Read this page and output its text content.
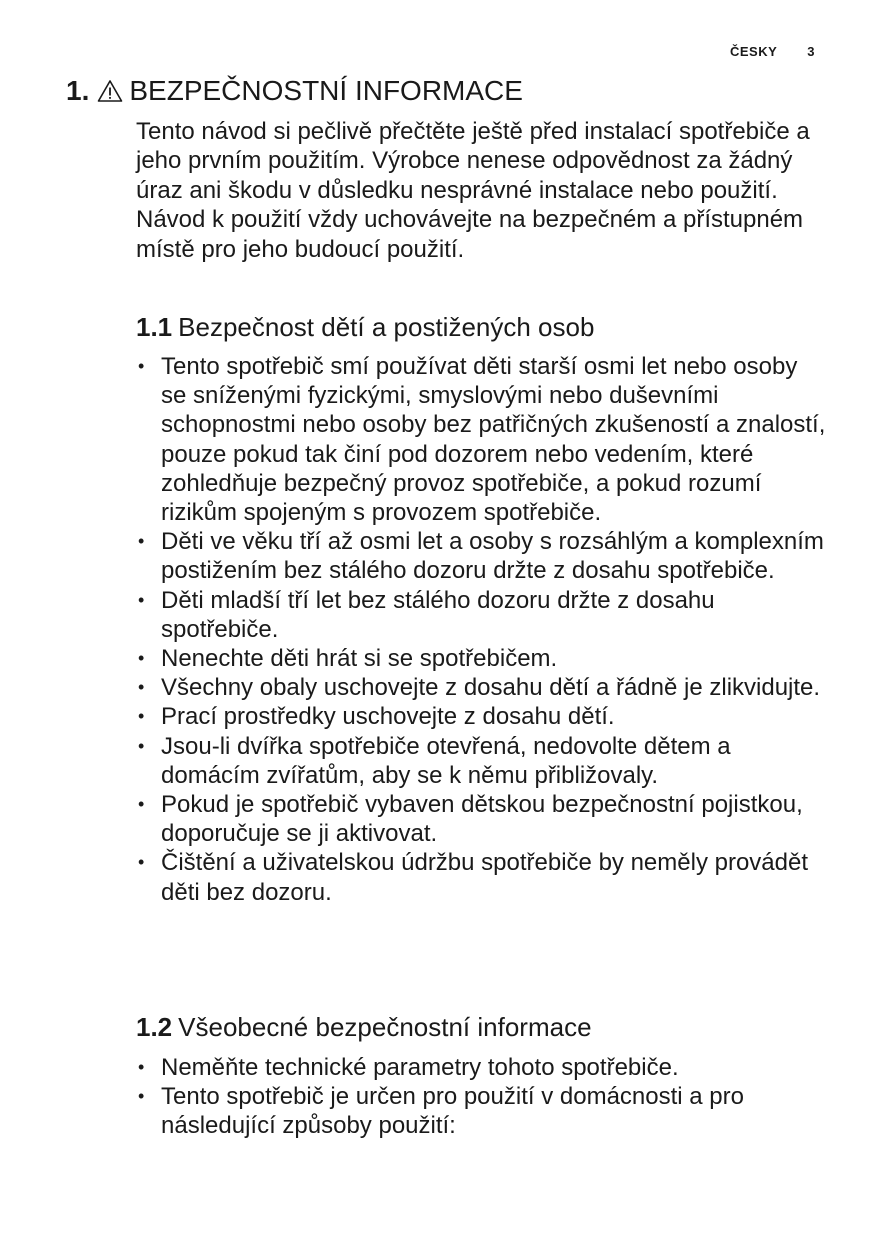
ČESKY 3
1. BEZPEČNOSTNÍ INFORMACE

Tento návod si pečlivě přečtěte ještě před instalací spotřebiče a jeho prvním použitím. Výrobce nenese odpovědnost za žádný úraz ani škodu v důsledku nesprávné instalace nebo použití. Návod k použití vždy uchovávejte na bezpečném a přístupném místě pro jeho budoucí použití.

1.1 Bezpečnost dětí a postižených osob
• Tento spotřebič smí používat děti starší osmi let nebo osoby se sníženými fyzickými, smyslovými nebo duševními schopnostmi nebo osoby bez patřičných zkušeností a znalostí, pouze pokud tak činí pod dozorem nebo vedením, které zohledňuje bezpečný provoz spotřebiče, a pokud rozumí rizikům spojeným s provozem spotřebiče.
• Děti ve věku tří až osmi let a osoby s rozsáhlým a komplexním postižením bez stálého dozoru držte z dosahu spotřebiče.
• Děti mladší tří let bez stálého dozoru držte z dosahu spotřebiče.
• Nenechte děti hrát si se spotřebičem.
• Všechny obaly uschovejte z dosahu dětí a řádně je zlikvidujte.
• Prací prostředky uschovejte z dosahu dětí.
• Jsou-li dvířka spotřebiče otevřená, nedovolte dětem a domácím zvířatům, aby se k němu přibližovaly.
• Pokud je spotřebič vybaven dětskou bezpečnostní pojistkou, doporučuje se ji aktivovat.
• Čištění a uživatelskou údržbu spotřebiče by neměly provádět děti bez dozoru.
1.2 Všeobecné bezpečnostní informace
• Neměňte technické parametry tohoto spotřebiče.
• Tento spotřebič je určen pro použití v domácnosti a pro následující způsoby použití:
